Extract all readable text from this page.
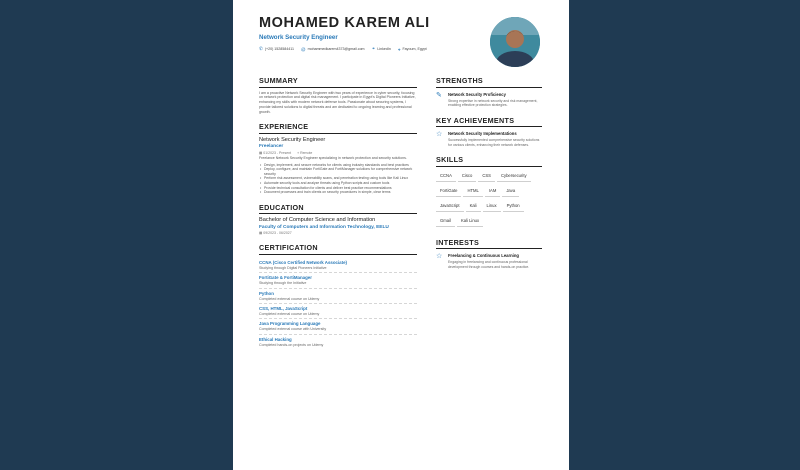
MOHAMED KAREM ALI
Network Security Engineer
✆ (+20) 1528584411 @ mohammedkarem4373@gmail.com ⚭ LinkedIn ⌖ Fayoum, Egypt
SUMMARY
I am a proactive Network Security Engineer with two years of experience in cyber security, focusing on network protection and digital risk management. I participate in Egypt's Digital Pioneers Initiative, enhancing my skills with modern network defense tools. Passionate about securing systems, I provide tailored solutions to digital threats and am dedicated to ongoing learning and professional growth.
EXPERIENCE
Network Security Engineer
Freelancer
▦ 01/2023 - Present ⌖ Remote
Freelance Network Security Engineer specializing in network protection and security solutions.
• Design, implement, and secure networks for clients using industry standards and best practices
• Deploy, configure, and maintain FortiGate and FortiManager solutions for comprehensive network security
• Perform risk assessment, vulnerability scans, and penetration testing using tools like Kali Linux
• Automate security tools and analyze threats using Python scripts and custom tools
• Provide technical consultation for clients and deliver best practice recommendations
• Document processes and train clients on security procedures in simple, clear terms
EDUCATION
Bachelor of Computer Science and Information
Faculty of Computers and Information Technology, EELU
▦ 09/2023 - 06/2027
CERTIFICATION
CCNA (Cisco Certified Network Associate)
Studying through Digital Pioneers Initiative
FortiGate & FortiManager
Studying through the Initiative
Python
Completed external course on Udemy
CSS, HTML, JavaScript
Completed external course on Udemy
Java Programming Language
Completed external course with University
Ethical Hacking
Completed hands-on projects on Udemy
STRENGTHS
✎	Network Security Proficiency
Strong expertise in network security and risk management, enabling effective protection strategies.
KEY ACHIEVEMENTS
☆	Network Security Implementations
Successfully implemented comprehensive security solutions for various clients, enhancing their network defenses.
SKILLS
CCNA	Cisco	CSS	Cybersecurity
FortiGate	HTML	IAM	Java
JavaScript	Kali	Linux	Python
Gmail	Kali Linux
INTERESTS
☆	Freelancing & Continuous Learning
Engaging in freelancing and continuous professional development through courses and hands-on practice.
نفذلي
nafezly.com
